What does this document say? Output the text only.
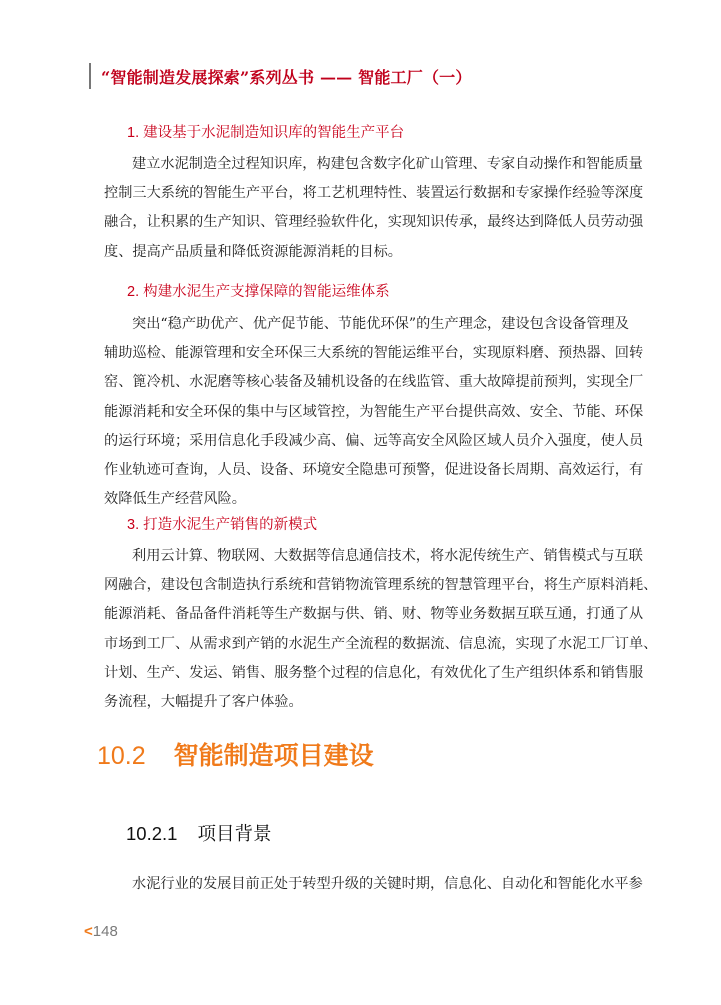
“智能制造发展探索”系列丛书 —— 智能工厂（一）
1. 建设基于水泥制造知识库的智能生产平台
建立水泥制造全过程知识库，构建包含数字化矿山管理、专家自动操作和智能质量
控制三大系统的智能生产平台，将工艺机理特性、装置运行数据和专家操作经验等深度
融合，让积累的生产知识、管理经验软件化，实现知识传承，最终达到降低人员劳动强
度、提高产品质量和降低资源能源消耗的目标。
2. 构建水泥生产支撑保障的智能运维体系
突出“稳产助优产、优产促节能、节能优环保”的生产理念，建设包含设备管理及
辅助巡检、能源管理和安全环保三大系统的智能运维平台，实现原料磨、预热器、回转
窑、篦冷机、水泥磨等核心装备及辅机设备的在线监管、重大故障提前预判，实现全厂
能源消耗和安全环保的集中与区域管控，为智能生产平台提供高效、安全、节能、环保
的运行环境；采用信息化手段减少高、偏、远等高安全风险区域人员介入强度，使人员
作业轨迹可查询，人员、设备、环境安全隐患可预警，促进设备长周期、高效运行，有
效降低生产经营风险。
3. 打造水泥生产销售的新模式
利用云计算、物联网、大数据等信息通信技术，将水泥传统生产、销售模式与互联
网融合，建设包含制造执行系统和营销物流管理系统的智慧管理平台，将生产原料消耗、
能源消耗、备品备件消耗等生产数据与供、销、财、物等业务数据互联互通，打通了从
市场到工厂、从需求到产销的水泥生产全流程的数据流、信息流，实现了水泥工厂订单、
计划、生产、发运、销售、服务整个过程的信息化，有效优化了生产组织体系和销售服
务流程，大幅提升了客户体验。
10.2 智能制造项目建设
10.2.1 项目背景
水泥行业的发展目前正处于转型升级的关键时期，信息化、自动化和智能化水平参
<148
